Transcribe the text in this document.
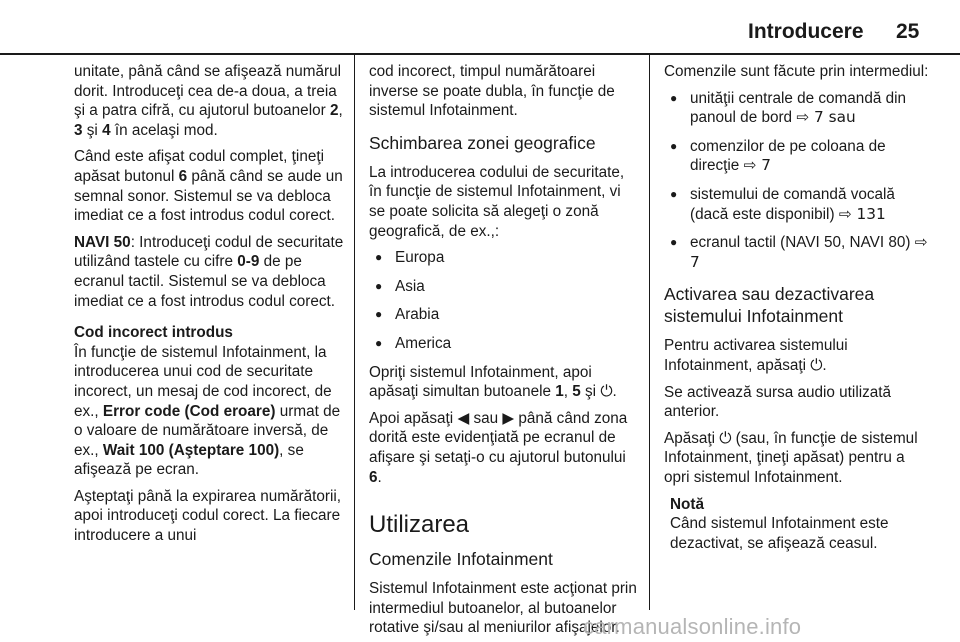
Introducere 25

unitate, până când se afişează numărul dorit. Introduceţi cea de-a doua, a treia şi a patra cifră, cu ajutorul butoanelor 2, 3 şi 4 în acelaşi mod.

Când este afişat codul complet, ţineţi apăsat butonul 6 până când se aude un semnal sonor. Sistemul se va debloca imediat ce a fost introdus codul corect.

NAVI 50: Introduceţi codul de securitate utilizând tastele cu cifre 0-9 de pe ecranul tactil. Sistemul se va debloca imediat ce a fost introdus codul corect.

Cod incorect introdus

În funcţie de sistemul Infotainment, la introducerea unui cod de securitate incorect, un mesaj de cod incorect, de ex., Error code (Cod eroare) urmat de o valoare de numărătoare inversă, de ex., Wait 100 (Aşteptare 100), se afişează pe ecran.

Aşteptaţi până la expirarea numărătorii, apoi introduceţi codul corect. La fiecare introducere a unui

cod incorect, timpul numărătoarei inverse se poate dubla, în funcţie de sistemul Infotainment.

Schimbarea zonei geografice

La introducerea codului de securitate, în funcţie de sistemul Infotainment, vi se poate solicita să alegeţi o zonă geografică, de ex.,:

● Europa
● Asia
● Arabia
● America

Opriţi sistemul Infotainment, apoi apăsaţi simultan butoanele 1, 5 şi ⏻.

Apoi apăsaţi ◀ sau ▶ până când zona dorită este evidenţiată pe ecranul de afişare şi setaţi-o cu ajutorul butonului 6.

Utilizarea

Comenzile Infotainment

Sistemul Infotainment este acţionat prin intermediul butoanelor, al butoanelor rotative şi/sau al meniurilor afişajelor.

Comenzile sunt făcute prin intermediul:

● unităţii centrale de comandă din panoul de bord ⇨ 7 sau
● comenzilor de pe coloana de direcţie ⇨ 7
● sistemului de comandă vocală (dacă este disponibil) ⇨ 131
● ecranul tactil (NAVI 50, NAVI 80) ⇨ 7

Activarea sau dezactivarea sistemului Infotainment

Pentru activarea sistemului Infotainment, apăsaţi ⏻.

Se activează sursa audio utilizată anterior.

Apăsaţi ⏻ (sau, în funcţie de sistemul Infotainment, ţineţi apăsat) pentru a opri sistemul Infotainment.

Notă

Când sistemul Infotainment este dezactivat, se afişează ceasul.

carmanualsonline.info
